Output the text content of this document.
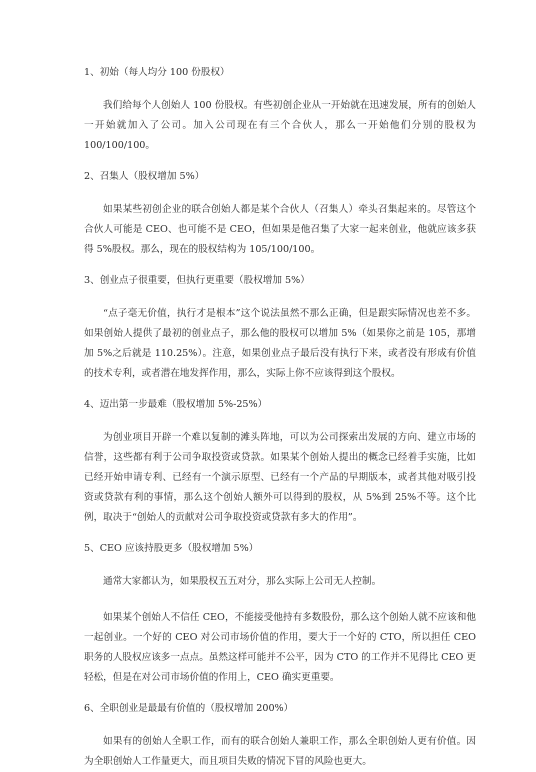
1、初始（每人均分 100 份股权）

我们给每个人创始人 100 份股权。有些初创企业从一开始就在迅速发展，所有的创始人一开始就加入了公司。加入公司现在有三个合伙人，那么一开始他们分别的股权为 100/100/100。

2、召集人（股权增加 5%）

如果某些初创企业的联合创始人都是某个合伙人（召集人）牵头召集起来的。尽管这个合伙人可能是 CEO、也可能不是 CEO，但如果是他召集了大家一起来创业，他就应该多获得 5%股权。那么，现在的股权结构为 105/100/100。

3、创业点子很重要，但执行更重要（股权增加 5%）

“点子毫无价值，执行才是根本”这个说法虽然不那么正确，但是跟实际情况也差不多。如果创始人提供了最初的创业点子，那么他的股权可以增加 5%（如果你之前是 105，那增加 5%之后就是 110.25%）。注意，如果创业点子最后没有执行下来，或者没有形成有价值的技术专利，或者潜在地发挥作用，那么，实际上你不应该得到这个股权。

4、迈出第一步最难（股权增加 5%-25%）

为创业项目开辟一个难以复制的滩头阵地，可以为公司探索出发展的方向、建立市场的信誉，这些都有利于公司争取投资或贷款。如果某个创始人提出的概念已经着手实施，比如已经开始申请专利、已经有一个演示原型、已经有一个产品的早期版本，或者其他对吸引投资或贷款有利的事情，那么这个创始人额外可以得到的股权，从 5%到 25%不等。这个比例，取决于“创始人的贡献对公司争取投资或贷款有多大的作用”。

5、CEO 应该持股更多（股权增加 5%）

通常大家都认为，如果股权五五对分，那么实际上公司无人控制。

如果某个创始人不信任 CEO，不能接受他持有多数股份，那么这个创始人就不应该和他一起创业。一个好的 CEO 对公司市场价值的作用，要大于一个好的 CTO，所以担任 CEO 职务的人股权应该多一点点。虽然这样可能并不公平，因为 CTO 的工作并不见得比 CEO 更轻松，但是在对公司市场价值的作用上，CEO 确实更重要。

6、全职创业是最最有价值的（股权增加 200%）

如果有的创始人全职工作，而有的联合创始人兼职工作，那么全职创始人更有价值。因为全职创始人工作量更大，而且项目失败的情况下冒的风险也更大。
